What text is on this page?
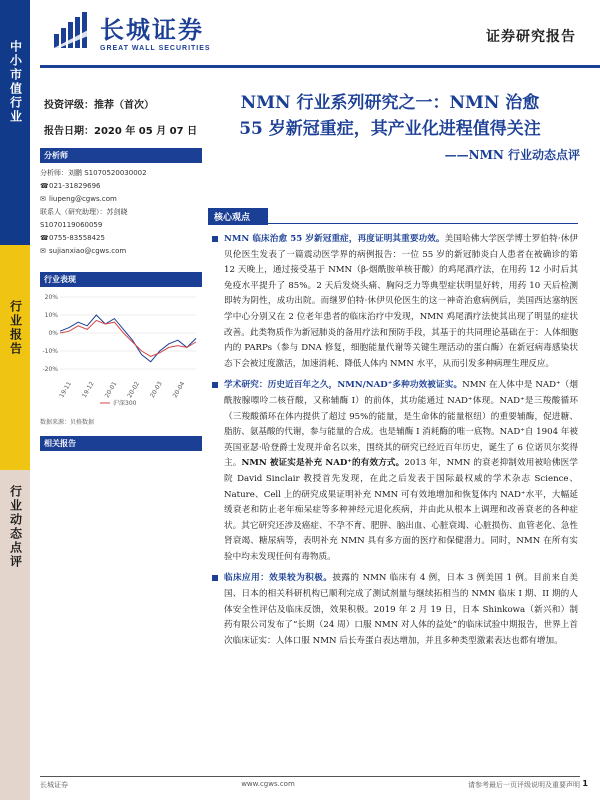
中小市值行业
行业报告
行业动态点评
长城证券
GREAT WALL SECURITIES
证券研究报告
投资评级：推荐（首次）
报告日期：2020 年 05 月 07 日
NMN 行业系列研究之一：NMN 治愈
55 岁新冠重症，其产业化进程值得关注
——NMN 行业动态点评
分析师
分析师：刘鹏 S1070520030002
☎021-31829696
✉ liupeng@cgws.com
联系人（研究助理）：苏剑晓
S1070119060059
☎0755-83558425
✉ sujianxiao@cgws.com
行业表现
20%
10%
0%
-10%
-20%
19-11 19-12 20-01 20-02 20-03 20-04
沪深300
数据来源：贝格数据
相关报告
核心观点
NMN 临床治愈 55 岁新冠重症，再度证明其重要功效。美国哈佛大学医学博士罗伯特·休伊贝伦医生发表了一篇震动医学界的病例报告：一位 55 岁的新冠肺炎白人患者在被确诊的第 12 天晚上，通过接受基于 NMN（β-烟酰胺单核苷酸）的鸡尾酒疗法，在用药 12 小时后其免疫水平提升了 85%。2 天后发烧头痛、胸闷乏力等典型症状明显好转，用药 10 天后检测即转为阴性，成功出院。而继罗伯特·休伊贝伦医生的这一神奇治愈病例后，美国西达塞纳医学中心分别又在 2 位老年患者的临床治疗中发现，NMN 鸡尾酒疗法使其出现了明显的症状改善。此类物质作为新冠肺炎的备用疗法和预防手段，其基于的共同理论基础在于：人体细胞内的 PARPs（参与 DNA 修复，细胞能量代谢等关键生理活动的蛋白酶）在新冠病毒感染状态下会被过度激活，加速消耗、降低人体内 NMN 水平，从而引发多种病理生理反应。
学术研究：历史近百年之久，NMN/NAD⁺多种功效被证实。NMN 在人体中是 NAD⁺（烟酰胺腺嘌呤二核苷酸，又称辅酶 I）的前体，其功能通过 NAD⁺体现。NAD⁺是三羧酸循环（三羧酸循环在体内提供了超过 95%的能量，是生命体的能量枢纽）的重要辅酶，促进糖、脂肪、氨基酸的代谢，参与能量的合成。也是辅酶 I 消耗酶的唯一底物。NAD⁺自 1904 年被英国亚瑟·哈登爵士发现并命名以来，围绕其的研究已经近百年历史，诞生了 6 位诺贝尔奖得主。NMN 被证实是补充 NAD⁺的有效方式。2013 年，NMN 的衰老抑制效用被哈佛医学院 David Sinclair 教授首先发现，在此之后发表于国际最权威的学术杂志 Science、Nature、Cell 上的研究成果证明补充 NMN 可有效地增加和恢复体内 NAD⁺水平，大幅延缓衰老和防止老年痴呆症等多种神经元退化疾病，并由此从根本上调理和改善衰老的各种症状。其它研究还涉及癌症、不孕不育、肥胖、脑出血、心脏衰竭、心脏损伤、血管老化、急性肾衰竭、糖尿病等，表明补充 NMN 具有多方面的医疗和保健潜力。同时，NMN 在所有实验中均未发现任何有毒物质。
临床应用：效果较为积极。披露的 NMN 临床有 4 例，日本 3 例美国 1 例。目前来自美国、日本的相关科研机构已顺利完成了测试剂量与继续拓相当的 NMN 临床 I 期、II 期的人体安全性评估及临床反馈，效果积极。2019 年 2 月 19 日，日本 Shinkowa（新兴和）制药有限公司发布了“长期（24 周）口服 NMN 对人体的益处”的临床试验中期报告，世界上首次临床证实：人体口服 NMN 后长寿蛋白表达增加，并且多种类型激素表达也都有增加。
长城证券	www.cgws.com	请参考最后一页评级说明及重要声明 1
